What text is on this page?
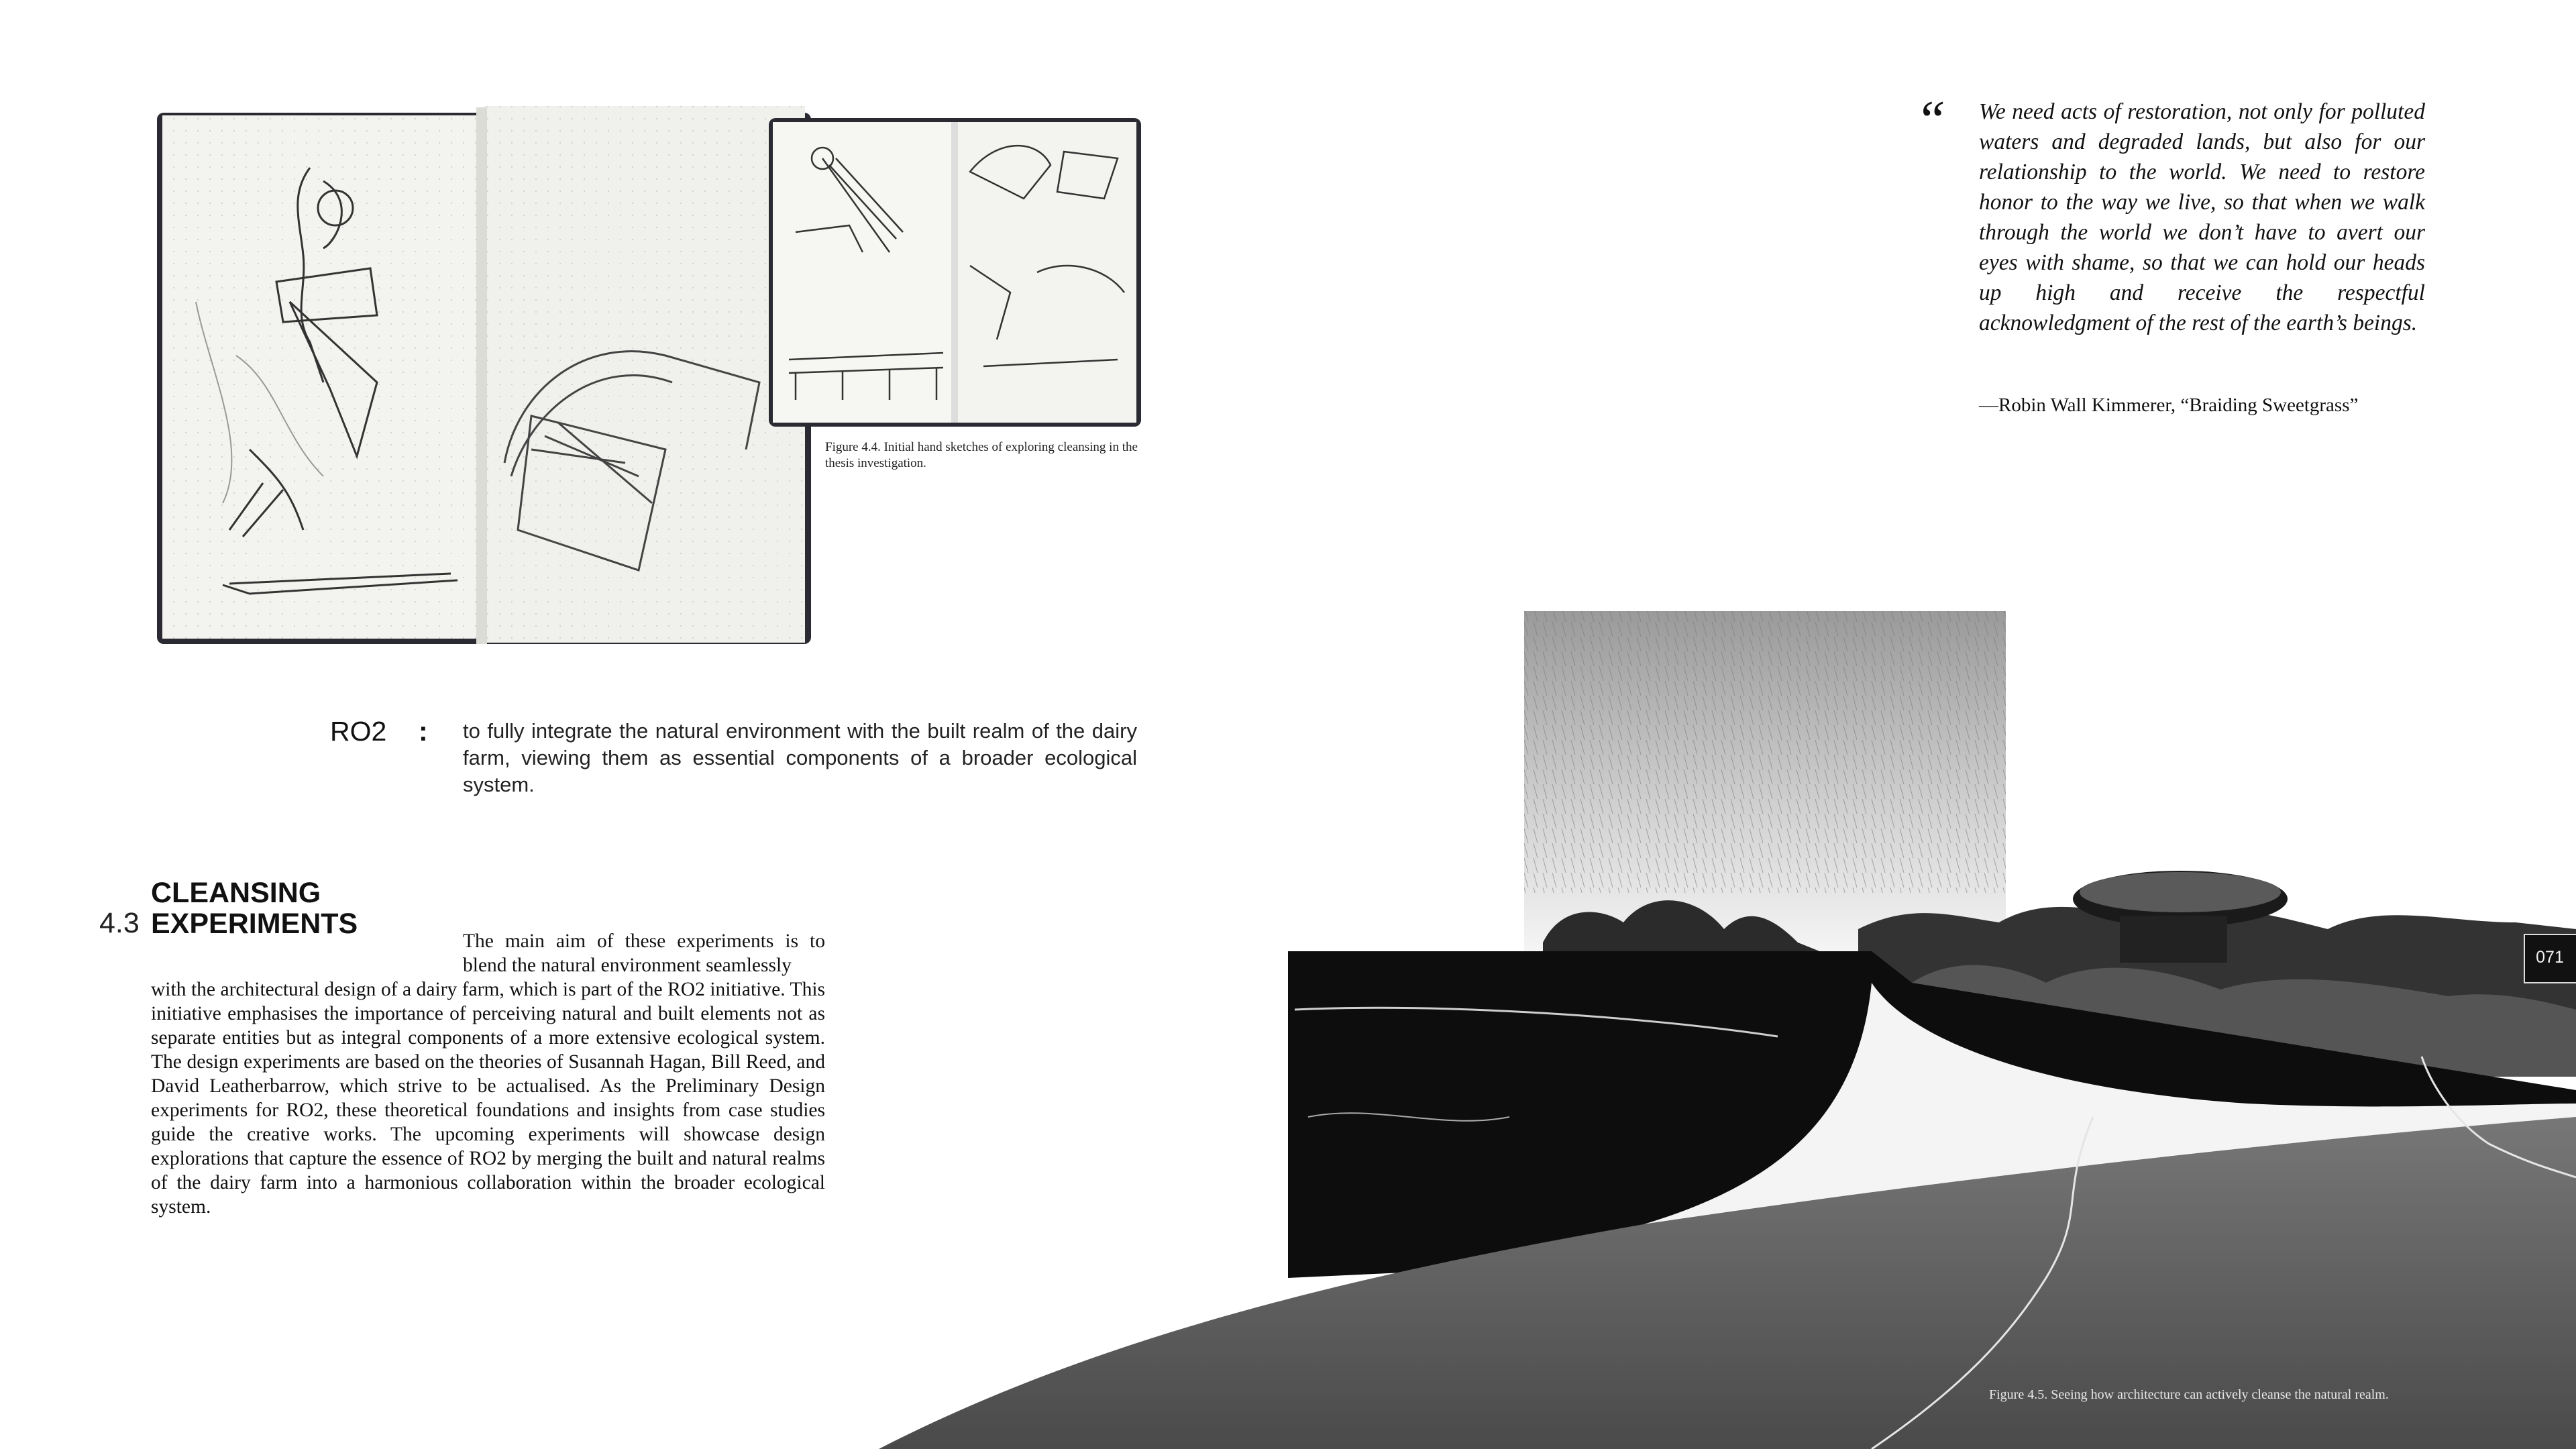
Figure 4.4. Initial hand sketches of exploring cleansing in the thesis investigation.
“ We need acts of restoration, not only for polluted waters and degraded lands, but also for our relationship to the world. We need to restore honor to the way we live, so that when we walk through the world we don’t have to avert our eyes with shame, so that we can hold our heads up high and receive the respectful acknowledgment of the rest of the earth’s beings.
—Robin Wall Kimmerer, “Braiding Sweetgrass”
RO2 : to fully integrate the natural environment with the built realm of the dairy farm, viewing them as essential components of a broader ecological system.
4.3
CLEANSING EXPERIMENTS
The main aim of these experiments is to blend the natural environment seamlessly
with the architectural design of a dairy farm, which is part of the RO2 initiative. This initiative emphasises the importance of perceiving natural and built elements not as separate entities but as integral components of a more extensive ecological system. The design experiments are based on the theories of Susannah Hagan, Bill Reed, and David Leatherbarrow, which strive to be actualised. As the Preliminary Design experiments for RO2, these theoretical foundations and insights from case studies guide the creative works. The upcoming experiments will showcase design explorations that capture the essence of RO2 by merging the built and natural realms of the dairy farm into a harmonious collaboration within the broader ecological system.
071
Figure 4.5. Seeing how architecture can actively cleanse the natural realm.
